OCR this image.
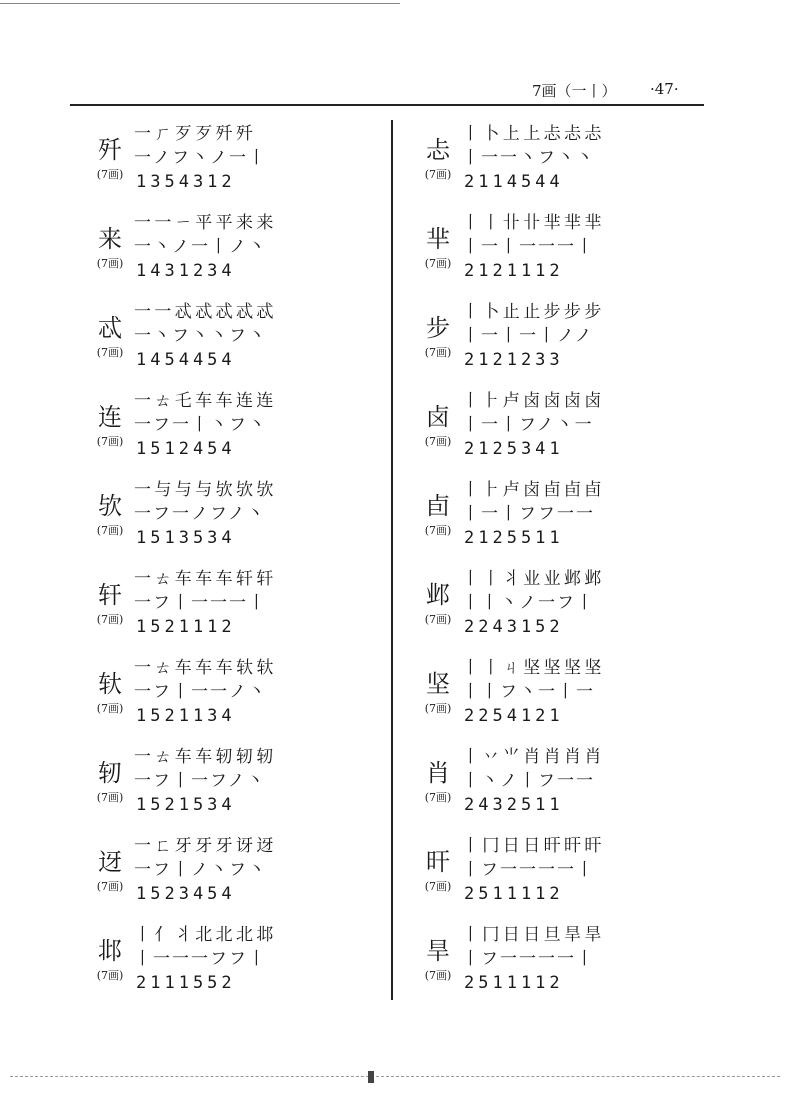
7画（一丨） ·47·
歼
(7画)
一 ㄏ 歹 歹 歼 歼
一ノフ丶ノ一丨
1354312
来
(7画)
一 一 ㄧ 平 平 来 来
一丶ノ一丨ノ丶
1431234
忒
(7画)
一 一 忒 忒 忒 忒 忒
一丶フ丶丶フ丶
1454454
连
(7画)
一 ㄊ 乇 车 车 连 连
一フ一丨丶フ丶
1512454
欤
(7画)
一 与 与 与 欤 欤 欤
一フ一ノフノ丶
1513534
轩
(7画)
一 ㄊ 车 车 车 轩 轩
一フ丨一一一丨
1521112
轪
(7画)
一 ㄊ 车 车 车 轪 轪
一フ丨一一ノ丶
1521134
轫
(7画)
一 ㄊ 车 车 轫 轫 轫
一フ丨一フノ丶
1521534
迓
(7画)
一 ㄈ 牙 牙 牙 讶 迓
一フ丨ノ丶フ丶
1523454
邶
(7画)
丨 ⺅ 丬 北 北 北 邶
丨一一一フフ丨
2111552
忐
(7画)
丨 卜 上 上 忐 忐 忐
丨一一丶フ丶丶
2114544
芈
(7画)
丨 丨 卝 卝 芈 芈 芈
丨一丨一一一丨
2121112
步
(7画)
丨 卜 止 止 步 步 步
丨一丨一丨ノノ
2121233
卤
(7画)
丨 ⺊ 卢 卤 卤 卤 卤
丨一丨フノ丶一
2125341
卣
(7画)
丨 ⺊ 卢 卤 卣 卣 卣
丨一丨フフ一一
2125511
邺
(7画)
丨 丨 丬 业 业 邺 邺
丨丨丶ノ一フ丨
2243152
坚
(7画)
丨 丨 ㄐ 坚 坚 坚 坚
丨丨フ丶一丨一
2254121
肖
(7画)
丨 丷 ⺌ 肖 肖 肖 肖
丨丶ノ丨フ一一
2432511
旰
(7画)
丨 冂 日 日 旰 旰 旰
丨フ一一一一丨
2511112
旱
(7画)
丨 冂 日 日 旦 旱 旱
丨フ一一一一丨
2511112
